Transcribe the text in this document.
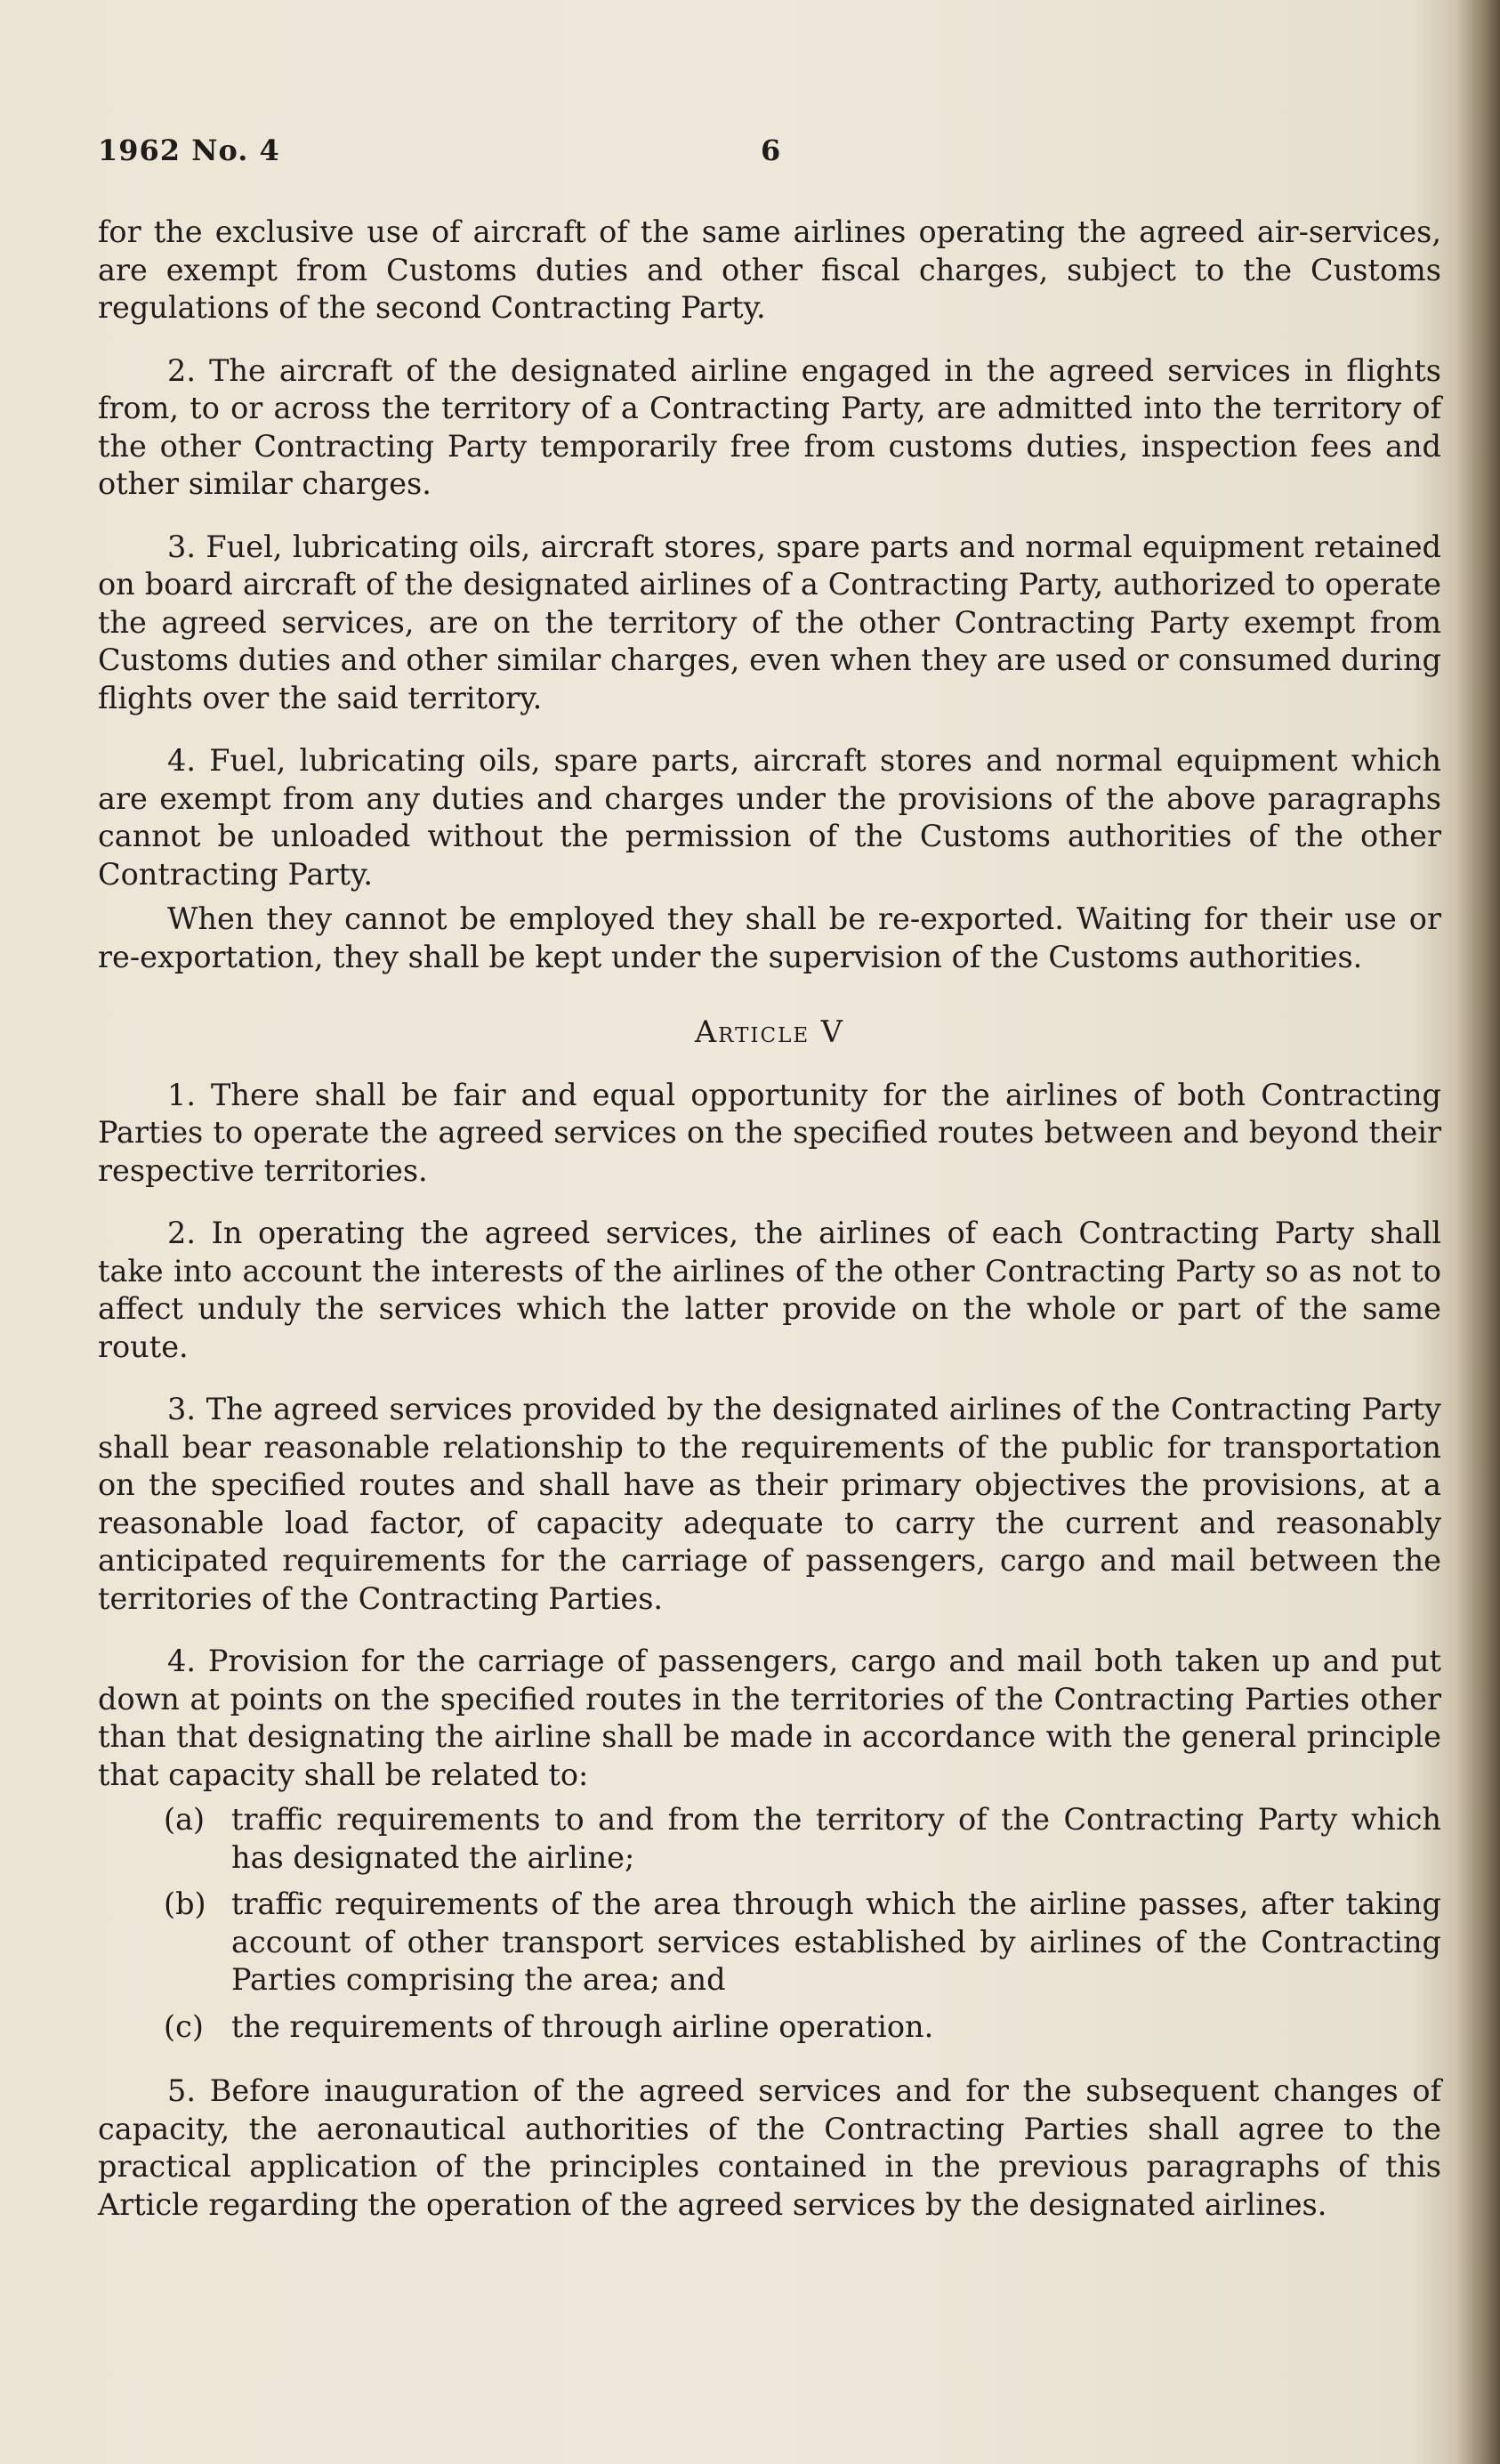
1962 No. 4	6

for the exclusive use of aircraft of the same airlines operating the agreed air-services, are exempt from Customs duties and other fiscal charges, subject to the Customs regulations of the second Contracting Party.

2. The aircraft of the designated airline engaged in the agreed services in flights from, to or across the territory of a Contracting Party, are admitted into the territory of the other Contracting Party temporarily free from customs duties, inspection fees and other similar charges.

3. Fuel, lubricating oils, aircraft stores, spare parts and normal equipment retained on board aircraft of the designated airlines of a Contracting Party, authorized to operate the agreed services, are on the territory of the other Contracting Party exempt from Customs duties and other similar charges, even when they are used or consumed during flights over the said territory.

4. Fuel, lubricating oils, spare parts, aircraft stores and normal equipment which are exempt from any duties and charges under the provisions of the above paragraphs cannot be unloaded without the permission of the Customs authorities of the other Contracting Party.

When they cannot be employed they shall be re-exported. Waiting for their use or re-exportation, they shall be kept under the supervision of the Customs authorities.

Article V

1. There shall be fair and equal opportunity for the airlines of both Contracting Parties to operate the agreed services on the specified routes between and beyond their respective territories.

2. In operating the agreed services, the airlines of each Contracting Party shall take into account the interests of the airlines of the other Contracting Party so as not to affect unduly the services which the latter provide on the whole or part of the same route.

3. The agreed services provided by the designated airlines of the Contracting Party shall bear reasonable relationship to the requirements of the public for transportation on the specified routes and shall have as their primary objectives the provisions, at a reasonable load factor, of capacity adequate to carry the current and reasonably anticipated requirements for the carriage of passengers, cargo and mail between the territories of the Contracting Parties.

4. Provision for the carriage of passengers, cargo and mail both taken up and put down at points on the specified routes in the territories of the Contracting Parties other than that designating the airline shall be made in accordance with the general principle that capacity shall be related to:

(a) traffic requirements to and from the territory of the Contracting Party which has designated the airline;
(b) traffic requirements of the area through which the airline passes, after taking account of other transport services established by airlines of the Contracting Parties comprising the area; and
(c) the requirements of through airline operation.

5. Before inauguration of the agreed services and for the subsequent changes of capacity, the aeronautical authorities of the Contracting Parties shall agree to the practical application of the principles contained in the previous paragraphs of this Article regarding the operation of the agreed services by the designated airlines.
